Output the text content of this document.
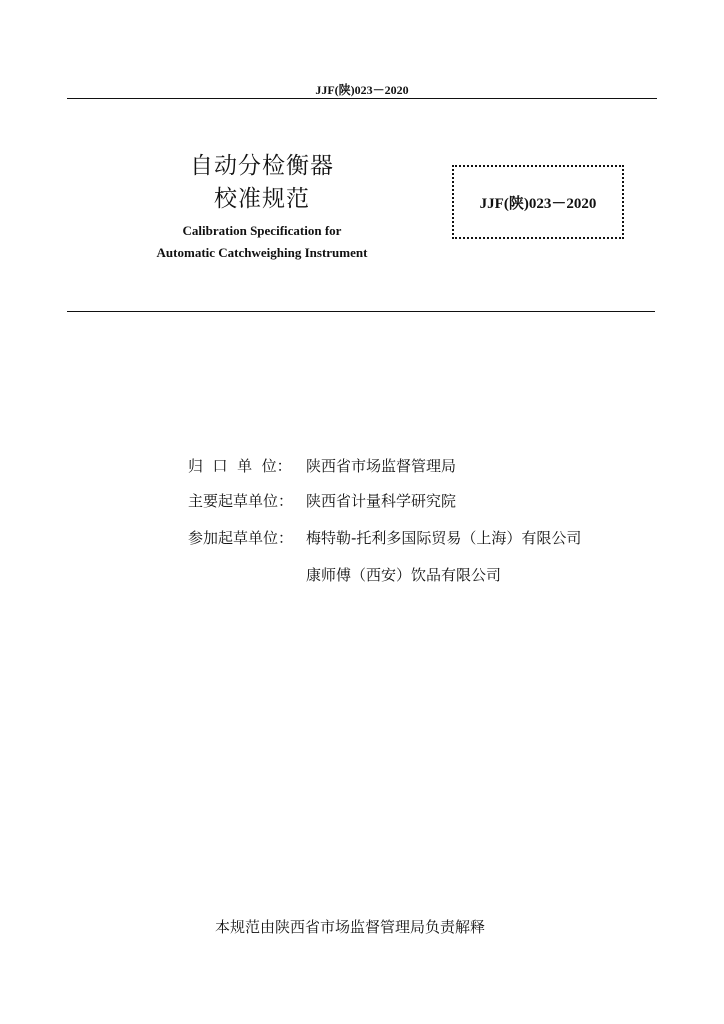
JJF(陕)023－2020
自动分检衡器
校准规范
Calibration Specification for
Automatic Catchweighing Instrument
JJF(陕)023－2020
归  口  单  位： 陕西省市场监督管理局
主要起草单位： 陕西省计量科学研究院
参加起草单位： 梅特勒-托利多国际贸易（上海）有限公司
康师傅（西安）饮品有限公司
本规范由陕西省市场监督管理局负责解释
